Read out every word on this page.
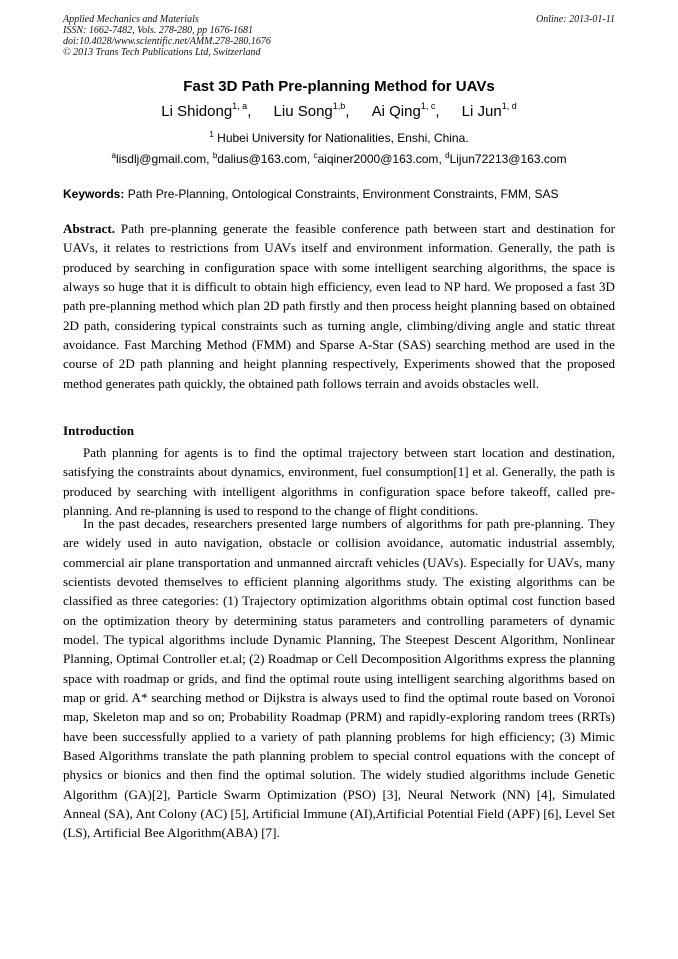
Applied Mechanics and Materials
ISSN: 1662-7482, Vols. 278-280, pp 1676-1681
doi:10.4028/www.scientific.net/AMM.278-280.1676
© 2013 Trans Tech Publications Ltd, Switzerland
Online: 2013-01-11
Fast 3D Path Pre-planning Method for UAVs
Li Shidong$^{1, a}$, Liu Song$^{1,b}$, Ai Qing$^{1, c}$, Li Jun$^{1, d}$
$^1$ Hubei University for Nationalities, Enshi, China.
$^a$lisdlj@gmail.com, $^b$dalius@163.com, $^c$aiqiner2000@163.com, $^d$Lijun72213@163.com
Keywords: Path Pre-Planning, Ontological Constraints, Environment Constraints, FMM, SAS

Abstract. Path pre-planning generate the feasible conference path between start and destination for UAVs, it relates to restrictions from UAVs itself and environment information. Generally, the path is produced by searching in configuration space with some intelligent searching algorithms, the space is always so huge that it is difficult to obtain high efficiency, even lead to NP hard. We proposed a fast 3D path pre-planning method which plan 2D path firstly and then process height planning based on obtained 2D path, considering typical constraints such as turning angle, climbing/diving angle and static threat avoidance. Fast Marching Method (FMM) and Sparse A-Star (SAS) searching method are used in the course of 2D path planning and height planning respectively, Experiments showed that the proposed method generates path quickly, the obtained path follows terrain and avoids obstacles well.

Introduction

Path planning for agents is to find the optimal trajectory between start location and destination, satisfying the constraints about dynamics, environment, fuel consumption[1] et al. Generally, the path is produced by searching with intelligent algorithms in configuration space before takeoff, called pre-planning. And re-planning is used to respond to the change of flight conditions.

In the past decades, researchers presented large numbers of algorithms for path pre-planning. They are widely used in auto navigation, obstacle or collision avoidance, automatic industrial assembly, commercial air plane transportation and unmanned aircraft vehicles (UAVs). Especially for UAVs, many scientists devoted themselves to efficient planning algorithms study. The existing algorithms can be classified as three categories: (1) Trajectory optimization algorithms obtain optimal cost function based on the optimization theory by determining status parameters and controlling parameters of dynamic model. The typical algorithms include Dynamic Planning, The Steepest Descent Algorithm, Nonlinear Planning, Optimal Controller et.al; (2) Roadmap or Cell Decomposition Algorithms express the planning space with roadmap or grids, and find the optimal route using intelligent searching algorithms based on map or grid. A* searching method or Dijkstra is always used to find the optimal route based on Voronoi map, Skeleton map and so on; Probability Roadmap (PRM) and rapidly-exploring random trees (RRTs) have been successfully applied to a variety of path planning problems for high efficiency; (3) Mimic Based Algorithms translate the path planning problem to special control equations with the concept of physics or bionics and then find the optimal solution. The widely studied algorithms include Genetic Algorithm (GA)[2], Particle Swarm Optimization (PSO) [3], Neural Network (NN) [4], Simulated Anneal (SA), Ant Colony (AC) [5], Artificial Immune (AI),Artificial Potential Field (APF) [6], Level Set (LS), Artificial Bee Algorithm(ABA) [7].
